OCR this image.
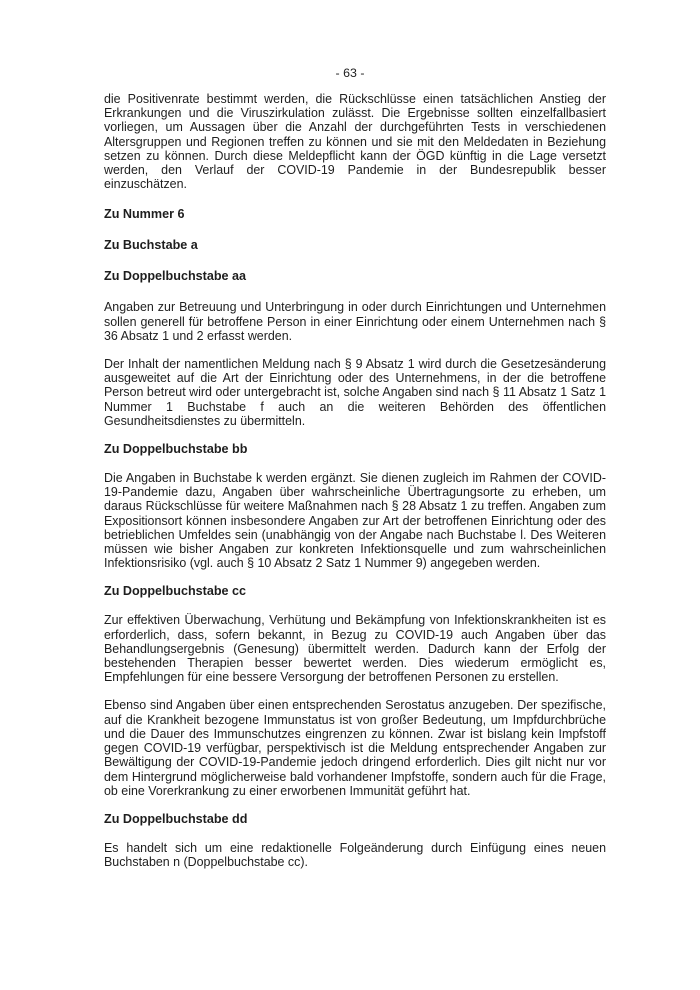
- 63 -

die Positivenrate bestimmt werden, die Rückschlüsse einen tatsächlichen Anstieg der Erkrankungen und die Viruszirkulation zulässt. Die Ergebnisse sollten einzelfallbasiert vorliegen, um Aussagen über die Anzahl der durchgeführten Tests in verschiedenen Altersgruppen und Regionen treffen zu können und sie mit den Meldedaten in Beziehung setzen zu können. Durch diese Meldepflicht kann der ÖGD künftig in die Lage versetzt werden, den Verlauf der COVID-19 Pandemie in der Bundesrepublik besser einzuschätzen.

Zu Nummer 6

Zu Buchstabe a

Zu Doppelbuchstabe aa

Angaben zur Betreuung und Unterbringung in oder durch Einrichtungen und Unternehmen sollen generell für betroffene Person in einer Einrichtung oder einem Unternehmen nach § 36 Absatz 1 und 2 erfasst werden.

Der Inhalt der namentlichen Meldung nach § 9 Absatz 1 wird durch die Gesetzesänderung ausgeweitet auf die Art der Einrichtung oder des Unternehmens, in der die betroffene Person betreut wird oder untergebracht ist, solche Angaben sind nach § 11 Absatz 1 Satz 1 Nummer 1 Buchstabe f auch an die weiteren Behörden des öffentlichen Gesundheitsdienstes zu übermitteln.

Zu Doppelbuchstabe bb

Die Angaben in Buchstabe k werden ergänzt. Sie dienen zugleich im Rahmen der COVID-19-Pandemie dazu, Angaben über wahrscheinliche Übertragungsorte zu erheben, um daraus Rückschlüsse für weitere Maßnahmen nach § 28 Absatz 1 zu treffen. Angaben zum Expositionsort können insbesondere Angaben zur Art der betroffenen Einrichtung oder des betrieblichen Umfeldes sein (unabhängig von der Angabe nach Buchstabe l. Des Weiteren müssen wie bisher Angaben zur konkreten Infektionsquelle und zum wahrscheinlichen Infektionsrisiko (vgl. auch § 10 Absatz 2 Satz 1 Nummer 9) angegeben werden.

Zu Doppelbuchstabe cc

Zur effektiven Überwachung, Verhütung und Bekämpfung von Infektionskrankheiten ist es erforderlich, dass, sofern bekannt, in Bezug zu COVID-19 auch Angaben über das Behandlungsergebnis (Genesung) übermittelt werden. Dadurch kann der Erfolg der bestehenden Therapien besser bewertet werden. Dies wiederum ermöglicht es, Empfehlungen für eine bessere Versorgung der betroffenen Personen zu erstellen.

Ebenso sind Angaben über einen entsprechenden Serostatus anzugeben. Der spezifische, auf die Krankheit bezogene Immunstatus ist von großer Bedeutung, um Impfdurchbrüche und die Dauer des Immunschutzes eingrenzen zu können. Zwar ist bislang kein Impfstoff gegen COVID-19 verfügbar, perspektivisch ist die Meldung entsprechender Angaben zur Bewältigung der COVID-19-Pandemie jedoch dringend erforderlich. Dies gilt nicht nur vor dem Hintergrund möglicherweise bald vorhandener Impfstoffe, sondern auch für die Frage, ob eine Vorerkrankung zu einer erworbenen Immunität geführt hat.

Zu Doppelbuchstabe dd

Es handelt sich um eine redaktionelle Folgeänderung durch Einfügung eines neuen Buchstaben n (Doppelbuchstabe cc).
